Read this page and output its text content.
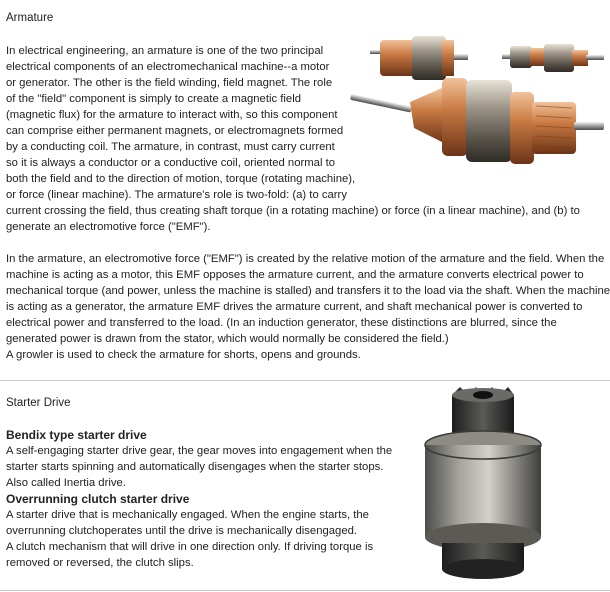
Armature

In electrical engineering, an armature is one of the two principal
electrical components of an electromechanical machine--a motor
or generator. The other is the field winding, field magnet. The role
of the "field" component is simply to create a magnetic field
(magnetic flux) for the armature to interact with, so this component
can comprise either permanent magnets, or electromagnets formed
by a conducting coil. The armature, in contrast, must carry current
so it is always a conductor or a conductive coil, oriented normal to
both the field and to the direction of motion, torque (rotating machine),
or force (linear machine). The armature's role is two-fold: (a) to carry
current crossing the field, thus creating shaft torque (in a rotating machine) or force (in a linear machine), and (b) to
generate an electromotive force ("EMF").

In the armature, an electromotive force ("EMF") is created by the relative motion of the armature and the field. When the
machine is acting as a motor, this EMF opposes the armature current, and the armature converts electrical power to
mechanical torque (and power, unless the machine is stalled) and transfers it to the load via the shaft. When the machine
is acting as a generator, the armature EMF drives the armature current, and shaft mechanical power is converted to
electrical power and transferred to the load. (In an induction generator, these distinctions are blurred, since the
generated power is drawn from the stator, which would normally be considered the field.)
A growler is used to check the armature for shorts, opens and grounds.

Starter Drive
Bendix type starter drive

A self-engaging starter drive gear, the gear moves into engagement when the
starter starts spinning and automatically disengages when the starter stops.
Also called Inertia drive.

Overrunning clutch starter drive

A starter drive that is mechanically engaged. When the engine starts, the
overrunning clutchoperates until the drive is mechanically disengaged.
A clutch mechanism that will drive in one direction only. If driving torque is
removed or reversed, the clutch slips.
